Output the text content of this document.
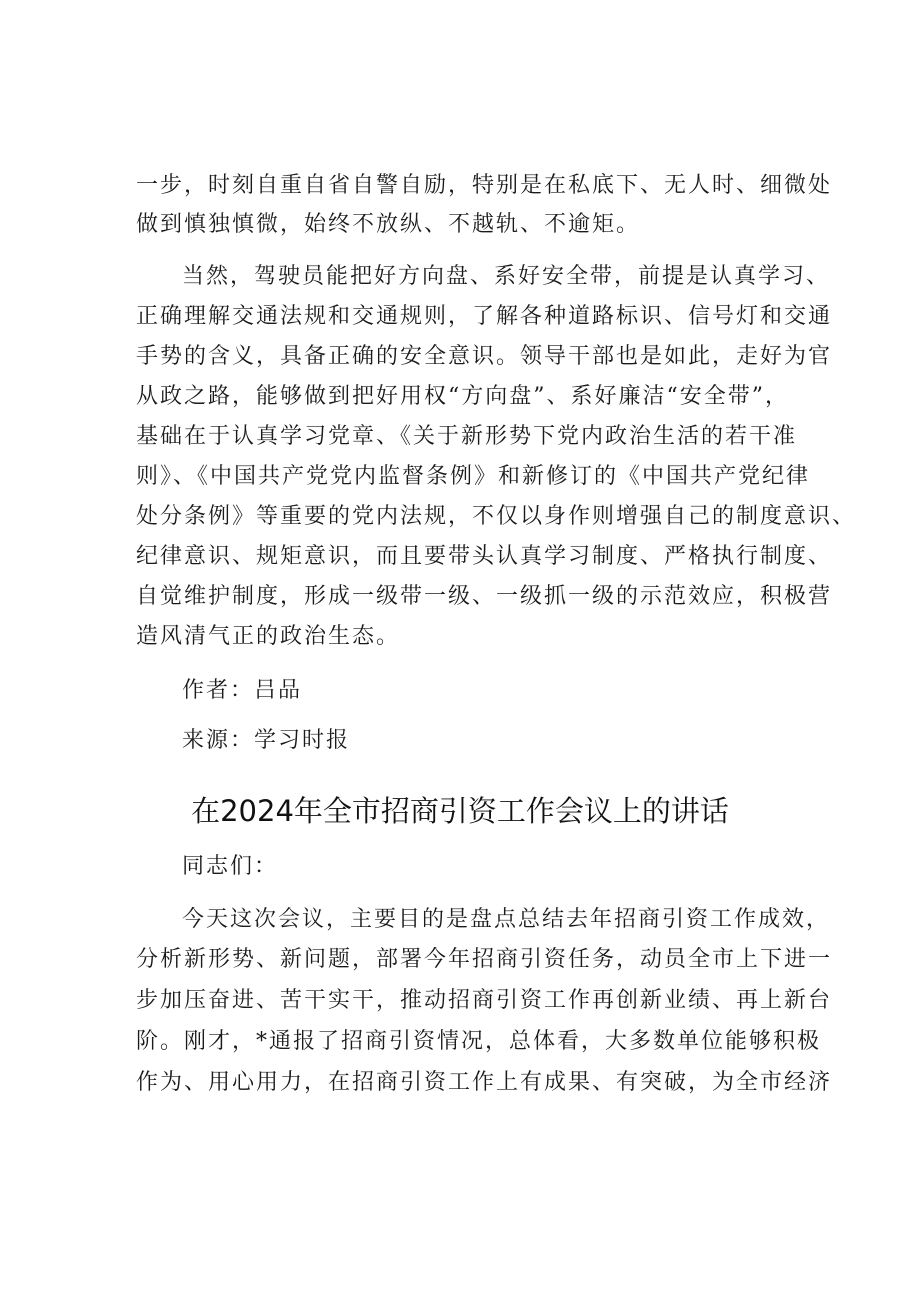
一步，时刻自重自省自警自励，特别是在私底下、无人时、细微处
做到慎独慎微，始终不放纵、不越轨、不逾矩。
当然，驾驶员能把好方向盘、系好安全带，前提是认真学习、
正确理解交通法规和交通规则，了解各种道路标识、信号灯和交通
手势的含义，具备正确的安全意识。领导干部也是如此，走好为官
从政之路，能够做到把好用权“方向盘”、系好廉洁“安全带”，
基础在于认真学习党章、《关于新形势下党内政治生活的若干准
则》、《中国共产党党内监督条例》和新修订的《中国共产党纪律
处分条例》等重要的党内法规，不仅以身作则增强自己的制度意识、
纪律意识、规矩意识，而且要带头认真学习制度、严格执行制度、
自觉维护制度，形成一级带一级、一级抓一级的示范效应，积极营
造风清气正的政治生态。
作者：吕品
来源：学习时报
在2024年全市招商引资工作会议上的讲话
同志们：
今天这次会议，主要目的是盘点总结去年招商引资工作成效，
分析新形势、新问题，部署今年招商引资任务，动员全市上下进一
步加压奋进、苦干实干，推动招商引资工作再创新业绩、再上新台
阶。刚才，*通报了招商引资情况，总体看，大多数单位能够积极
作为、用心用力，在招商引资工作上有成果、有突破，为全市经济
